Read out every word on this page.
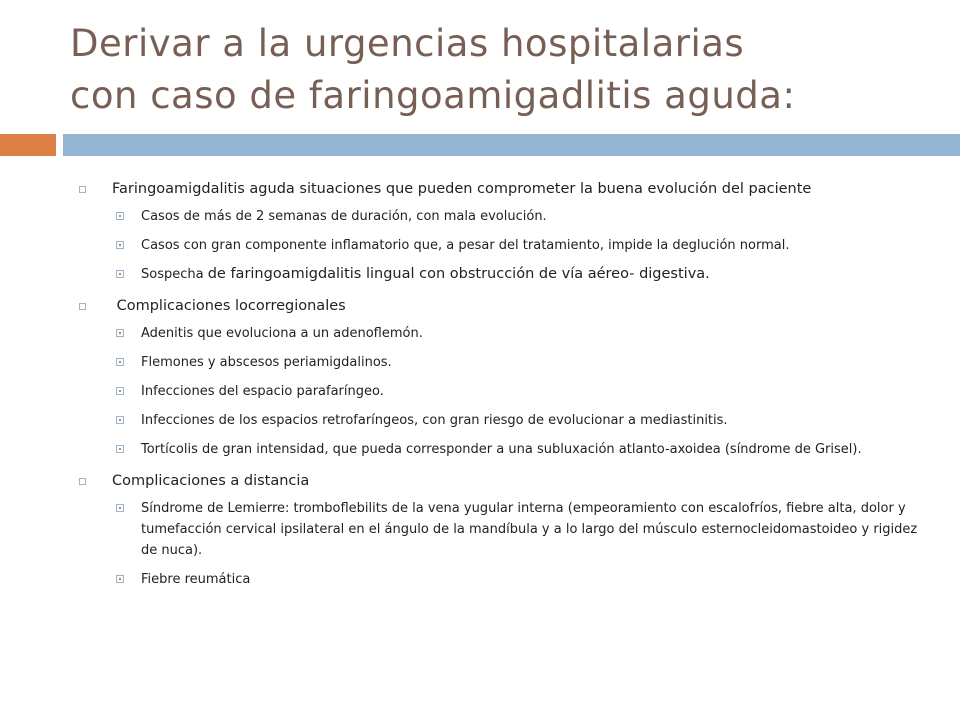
Derivar a la urgencias hospitalarias
con caso de faringoamigadlitis aguda:
Faringoamigdalitis aguda situaciones que pueden comprometer la buena evolución del paciente
Casos de más de 2 semanas de duración, con mala evolución.
Casos con gran componente inflamatorio que, a pesar del tratamiento, impide la deglución normal.
Sospecha de faringoamigdalitis lingual con obstrucción de vía aéreo- digestiva.
Complicaciones locorregionales
Adenitis que evoluciona a un adenoflemón.
Flemones y abscesos periamigdalinos.
Infecciones del espacio parafaríngeo.
Infecciones de los espacios retrofaríngeos, con gran riesgo de evolucionar a mediastinitis.
Tortícolis de gran intensidad, que pueda corresponder a una subluxación atlanto-axoidea (síndrome de Grisel).
Complicaciones a distancia
Síndrome de Lemierre: tromboflebilits de la vena yugular interna (empeoramiento con escalofríos, fiebre alta, dolor y tumefacción cervical ipsilateral en el ángulo de la mandíbula y a lo largo del músculo esternocleidomastoideo y rigidez de nuca).
Fiebre reumática
